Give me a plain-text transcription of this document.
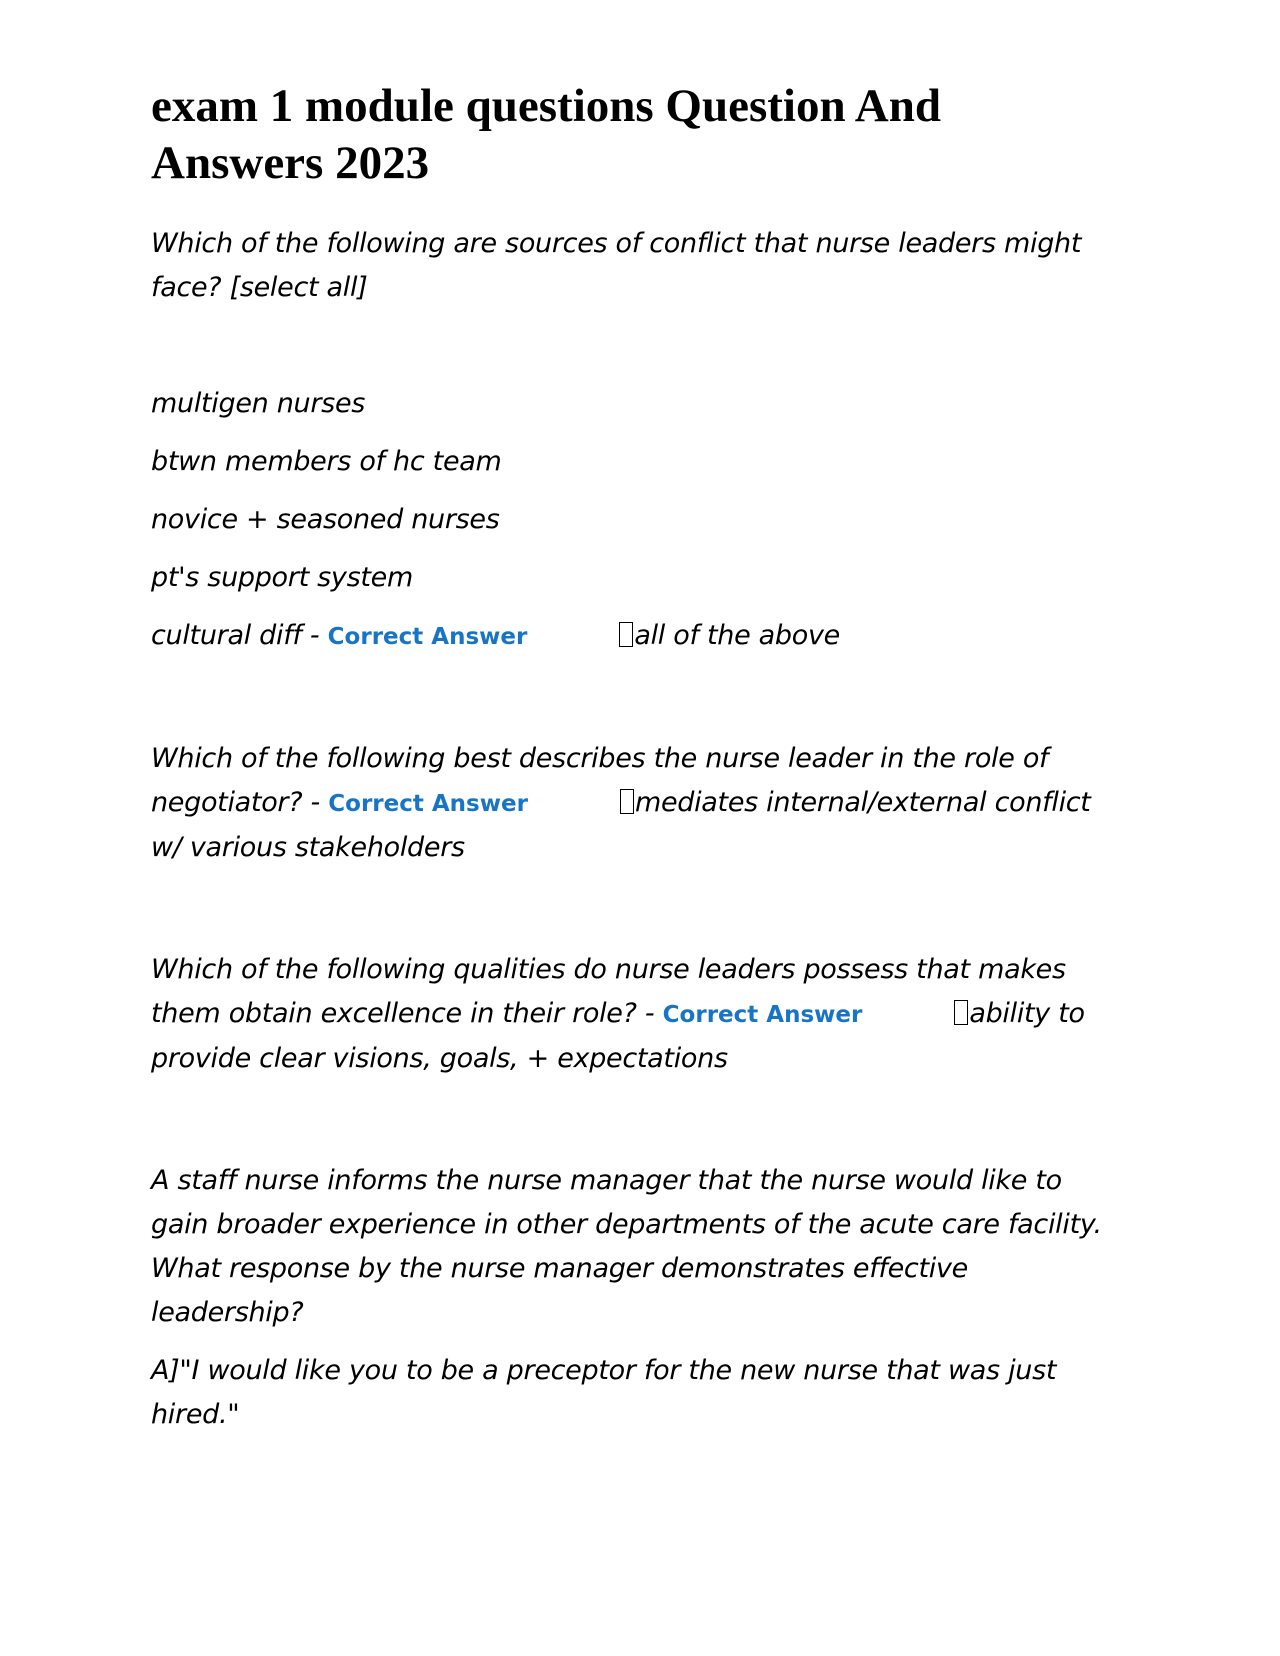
exam 1 module questions Question And Answers 2023

Which of the following are sources of conflict that nurse leaders might face? [select all]

multigen nurses

btwn members of hc team

novice + seasoned nurses

pt's support system

cultural diff - Correct Answer	all of the above

Which of the following best describes the nurse leader in the role of negotiator? - Correct Answer	mediates internal/external conflict w/ various stakeholders

Which of the following qualities do nurse leaders possess that makes them obtain excellence in their role? - Correct Answer	ability to provide clear visions, goals, + expectations

A staff nurse informs the nurse manager that the nurse would like to gain broader experience in other departments of the acute care facility. What response by the nurse manager demonstrates effective leadership?

A]"I would like you to be a preceptor for the new nurse that was just hired."
